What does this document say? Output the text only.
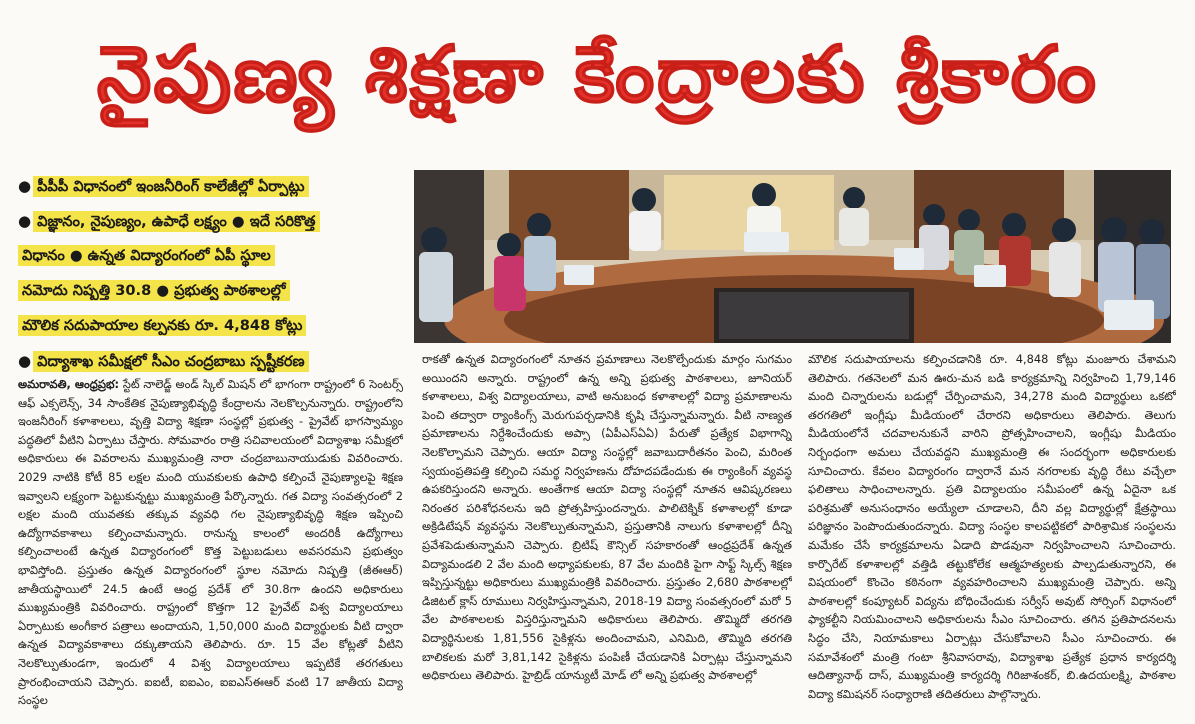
నైపుణ్య శిక్షణా కేంద్రాలకు శ్రీకారం
● పీపీపీ విధానంలో ఇంజనీరింగ్ కాలేజీల్లో ఏర్పాట్లు
● విజ్ఞానం, నైపుణ్యం, ఉపాధే లక్ష్యం ● ఇదే సరికొత్త
విధానం ● ఉన్నత విద్యారంగంలో ఏపీ స్థూల
నమోదు నిష్పత్తి 30.8 ● ప్రభుత్వ పాఠశాలల్లో
మౌలిక సదుపాయాల కల్పనకు రూ. 4,848 కోట్లు
● విద్యాశాఖ సమీక్షలో సీఎం చంద్రబాబు స్పష్టీకరణ

అమరావతి, ఆంధ్రప్రభ: స్టేట్ నాలెడ్జ్ అండ్ స్కిల్ మిషన్ లో భాగంగా రాష్ట్రంలో 6 సెంటర్స్ ఆఫ్ ఎక్సలెన్స్, 34 సాంకేతిక నైపుణ్యాభివృద్ధి కేంద్రాలను నెలకొల్పనున్నారు. రాష్ట్రంలోని ఇంజనీరింగ్ కళాశాలలు, వృత్తి విద్యా శిక్షణా సంస్థల్లో ప్రభుత్వ - ప్రైవేట్ భాగస్వామ్యం పద్ధతిలో వీటిని ఏర్పాటు చేస్తారు. సోమవారం రాత్రి సచివాలయంలో విద్యాశాఖ సమీక్షలో అధికారులు ఈ వివరాలను ముఖ్యమంత్రి నారా చంద్రబాబునాయుడుకు వివరించారు. 2029 నాటికి కోటీ 85 లక్షల మంది యువకులకు ఉపాధి కల్పించే నైపుణ్యాలపై శిక్షణ ఇవ్వాలని లక్ష్యంగా పెట్టుకున్నట్టు ముఖ్యమంత్రి పేర్కొన్నారు. గత విద్యా సంవత్సరంలో 2 లక్షల మంది యువతకు తక్కువ వ్యవధి గల నైపుణ్యాభివృద్ధి శిక్షణ ఇప్పించి ఉద్యోగావకాశాలు కల్పించామన్నారు. రానున్న కాలంలో అందరికీ ఉద్యోగాలు కల్పించాలంటే ఉన్నత విద్యారంగంలో కొత్త పెట్టుబడులు అవసరమని ప్రభుత్వం భావిస్తోంది. ప్రస్తుతం ఉన్నత విద్యారంగంలో స్థూల నమోదు నిష్పత్తి (జీఈఆర్) జాతీయస్థాయిలో 24.5 ఉంటే ఆంధ్ర ప్రదేశ్ లో 30.8గా ఉందని అధికారులు ముఖ్యమంత్రికి వివరించారు. రాష్ట్రంలో కొత్తగా 12 ప్రైవేట్ విశ్వ విద్యాలయాలు ఏర్పాటుకు అంగీకార పత్రాలు అందాయని, 1,50,000 మంది విద్యార్థులకు వీటి ద్వారా ఉన్నత విద్యావకాశాలు దక్కుతాయని తెలిపారు. రూ. 15 వేల కోట్లతో వీటిని నెలకొల్పుతుండగా, ఇందులో 4 విశ్వ విద్యాలయాలు ఇప్పటికే తరగతులు ప్రారంభించాయని చెప్పారు. ఐఐటీ, ఐఐఎం, ఐఐఎస్ఈఆర్ వంటి 17 జాతీయ విద్యా సంస్థల

రాకతో ఉన్నత విద్యారంగంలో నూతన ప్రమాణాలు నెలకొల్పేందుకు మార్గం సుగమం అయిందని అన్నారు. రాష్ట్రంలో ఉన్న అన్ని ప్రభుత్వ పాఠశాలలు, జూనియర్ కళాశాలలు, విశ్వ విద్యాలయాలు, వాటి అనుబంధ కళాశాలల్లో విద్యా ప్రమాణాలను పెంచి తద్వారా ర్యాంకింగ్స్ మెరుగుపర్చడానికి కృషి చేస్తున్నామన్నారు. వీటి నాణ్యత ప్రమాణాలను నిర్దేశించేందుకు అప్సా (ఏపీఎస్ఏఏ) పేరుతో ప్రత్యేక విభాగాన్ని నెలకొల్పామని చెప్పారు. ఆయా విద్యా సంస్థల్లో జవాబుదారీతనం పెంచి, మరింత స్వయంప్రతిపత్తి కల్పించి సమర్థ నిర్వహణను దోహదపడేందుకు ఈ ర్యాంకింగ్ వ్యవస్థ ఉపకరిస్తుందని అన్నారు. అంతేగాక ఆయా విద్యా సంస్థల్లో నూతన ఆవిష్కరణలు నిరంతర పరిశోధనలను ఇది ప్రోత్సహిస్తుందన్నారు. పాలిటెక్నిక్ కళాశాలల్లో కూడా అక్రిడిటేషన్ వ్యవస్థను నెలకొల్పుతున్నామని, ప్రస్తుతానికి నాలుగు కళాశాలల్లో దీన్ని ప్రవేశపెడుతున్నామని చెప్పారు. బ్రిటిష్ కౌన్సిల్ సహకారంతో ఆంధ్రప్రదేశ్ ఉన్నత విద్యామండలి 2 వేల మంది అధ్యాపకులకు, 87 వేల మందికి పైగా సాఫ్ట్ స్కిల్స్ శిక్షణ ఇప్పిస్తున్నట్టు అధికారులు ముఖ్యమంత్రికి వివరించారు. ప్రస్తుతం 2,680 పాఠశాలల్లో డిజిటల్ క్లాస్ రూములు నిర్వహిస్తున్నామని, 2018-19 విద్యా సంవత్సరంలో మరో 5 వేల పాఠశాలలకు విస్తరిస్తున్నామని అధికారులు తెలిపారు. తొమ్మిదో తరగతి విద్యార్థినులకు 1,81,556 సైకిళ్లను అందించామని, ఎనిమిది, తొమ్మిది తరగతి బాలికలకు మరో 3,81,142 సైకిళ్లను పంపిణీ చేయడానికి ఏర్పాట్లు చేస్తున్నామని అధికారులు తెలిపారు. హైబ్రిడ్ యాన్యుటీ మోడ్ లో అన్ని ప్రభుత్వ పాఠశాలల్లో

మౌలిక సదుపాయాలను కల్పించడానికి రూ. 4,848 కోట్లు మంజూరు చేశామని తెలిపారు. గతనెలలో మన ఊరు-మన బడి కార్యక్రమాన్ని నిర్వహించి 1,79,146 మంది చిన్నారులను బడుల్లో చేర్పించామని, 34,278 మంది విద్యార్థులు ఒకటో తరగతిలో ఇంగ్లీషు మీడియంలో చేరారని అధికారులు తెలిపారు. తెలుగు మీడియంలోనే చదవాలనుకునే వారిని ప్రోత్సహించాలని, ఇంగ్లీషు మీడియం నిర్బంధంగా అమలు చేయవద్దని ముఖ్యమంత్రి ఈ సందర్భంగా అధికారులకు సూచించారు. కేవలం విద్యారంగం ద్వారానే మన నగరాలకు వృద్ధి రేటు వచ్చేలా ఫలితాలు సాధించాలన్నారు. ప్రతి విద్యాలయం సమీపంలో ఉన్న ఏదైనా ఒక పరిశ్రమతో అనుసంధానం అయ్యేలా చూడాలని, దీని వల్ల విద్యార్థుల్లో క్షేత్రస్థాయి పరిజ్ఞానం పెంపొందుతుందన్నారు. విద్యా సంస్థల కాలపట్టికలో పారిశ్రామిక సంస్థలను మమేకం చేసే కార్యక్రమాలను ఏడాది పొడవునా నిర్వహించాలని సూచించారు. కార్పొరేట్ కళాశాలల్లో వత్తిడి తట్టుకోలేక ఆత్మహత్యలకు పాల్పడుతున్నారని, ఈ విషయంలో కొంచెం కఠినంగా వ్యవహరించాలని ముఖ్యమంత్రి చెప్పారు. అన్ని పాఠశాలల్లో కంప్యూటర్ విద్యను బోధించేందుకు సర్వీస్ అవుట్ సోర్సింగ్ విధానంలో ఫ్యాకల్టీని నియమించాలని అధికారులను సీఎం సూచించారు. తగిన ప్రతిపాదనలను సిద్ధం చేసి, నియామకాలు ఏర్పాట్లు చేసుకోవాలని సీఎం సూచించారు. ఈ సమావేశంలో మంత్రి గంటా శ్రీనివాసరావు, విద్యాశాఖ ప్రత్యేక ప్రధాన కార్యదర్శి ఆదిత్యానాథ్ దాస్, ముఖ్యమంత్రి కార్యదర్శి గిరిజాశంకర్, బి.ఉదయలక్ష్మి, పాఠశాల విద్యా కమిషనర్ సంధ్యారాణి తదితరులు పాల్గొన్నారు.
